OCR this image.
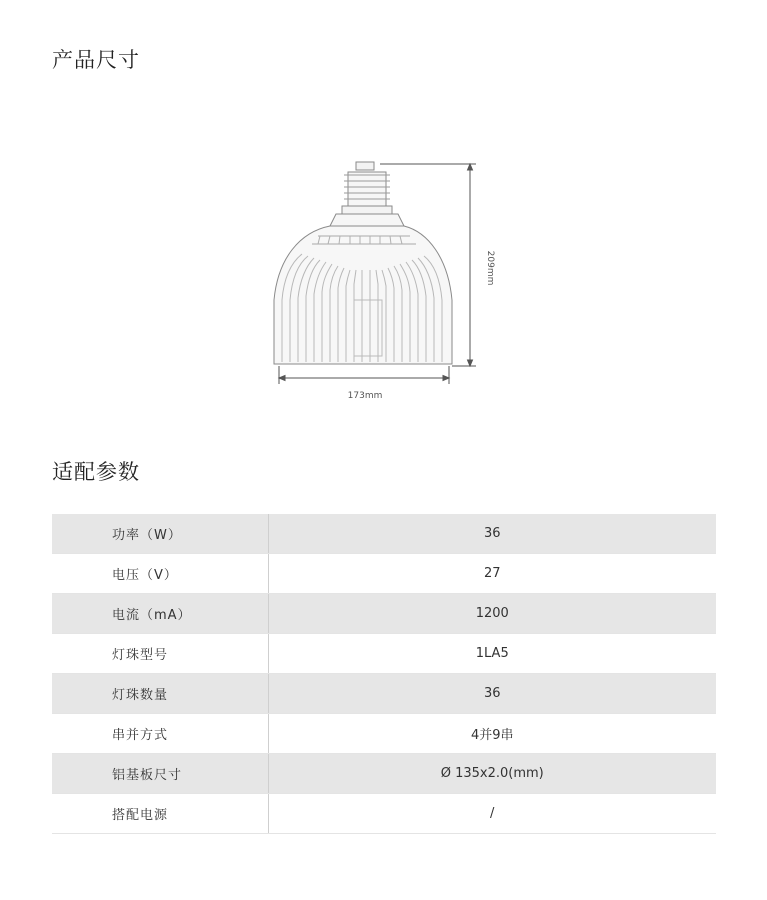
产品尺寸
173mm
209mm
适配参数
功率（W）	36
电压（V）	27
电流（mA）	1200
灯珠型号	1LA5
灯珠数量	36
串并方式	4并9串
铝基板尺寸	Ø 135x2.0(mm)
搭配电源	/
